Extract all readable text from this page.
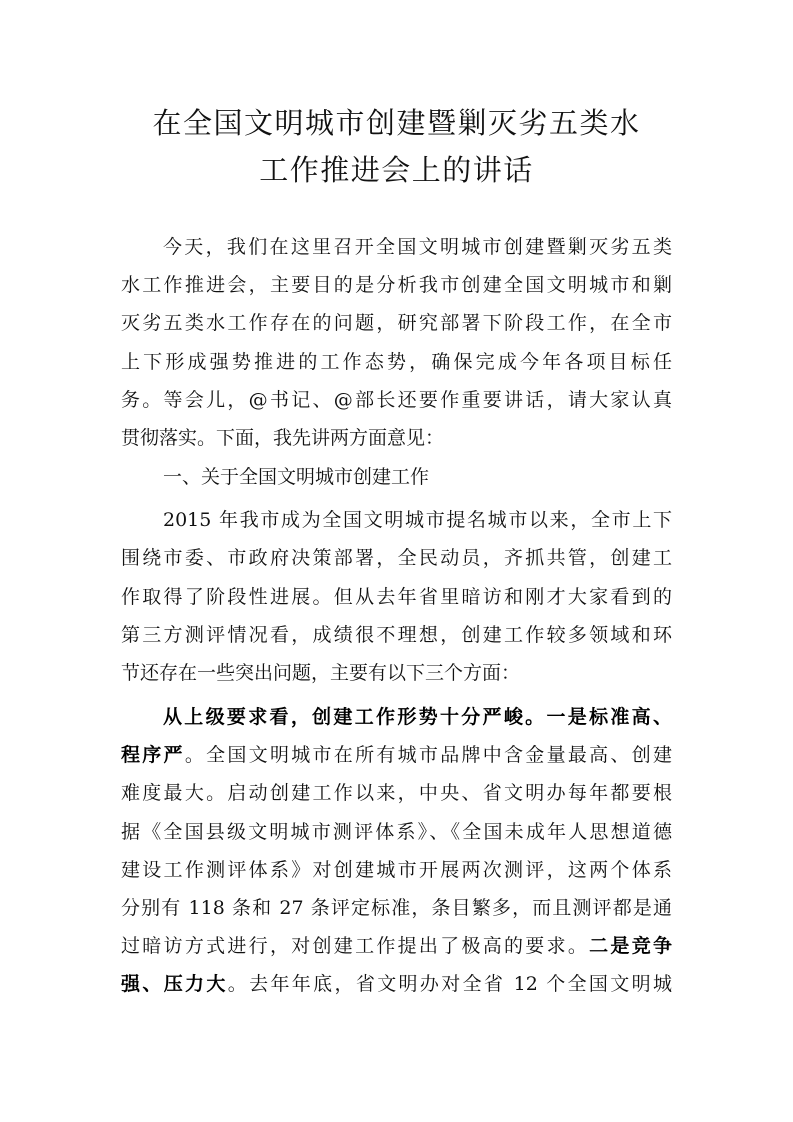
在全国文明城市创建暨剿灭劣五类水
工作推进会上的讲话
今天，我们在这里召开全国文明城市创建暨剿灭劣五类
水工作推进会，主要目的是分析我市创建全国文明城市和剿
灭劣五类水工作存在的问题，研究部署下阶段工作，在全市
上下形成强势推进的工作态势，确保完成今年各项目标任
务。等会儿，@书记、@部长还要作重要讲话，请大家认真
贯彻落实。下面，我先讲两方面意见：
一、关于全国文明城市创建工作
2015 年我市成为全国文明城市提名城市以来，全市上下
围绕市委、市政府决策部署，全民动员，齐抓共管，创建工
作取得了阶段性进展。但从去年省里暗访和刚才大家看到的
第三方测评情况看，成绩很不理想，创建工作较多领域和环
节还存在一些突出问题，主要有以下三个方面：
从上级要求看，创建工作形势十分严峻。一是标准高、
程序严。全国文明城市在所有城市品牌中含金量最高、创建
难度最大。启动创建工作以来，中央、省文明办每年都要根
据《全国县级文明城市测评体系》、《全国未成年人思想道德
建设工作测评体系》对创建城市开展两次测评，这两个体系
分别有 118 条和 27 条评定标准，条目繁多，而且测评都是通
过暗访方式进行，对创建工作提出了极高的要求。二是竞争
强、压力大。去年年底，省文明办对全省 12 个全国文明城
